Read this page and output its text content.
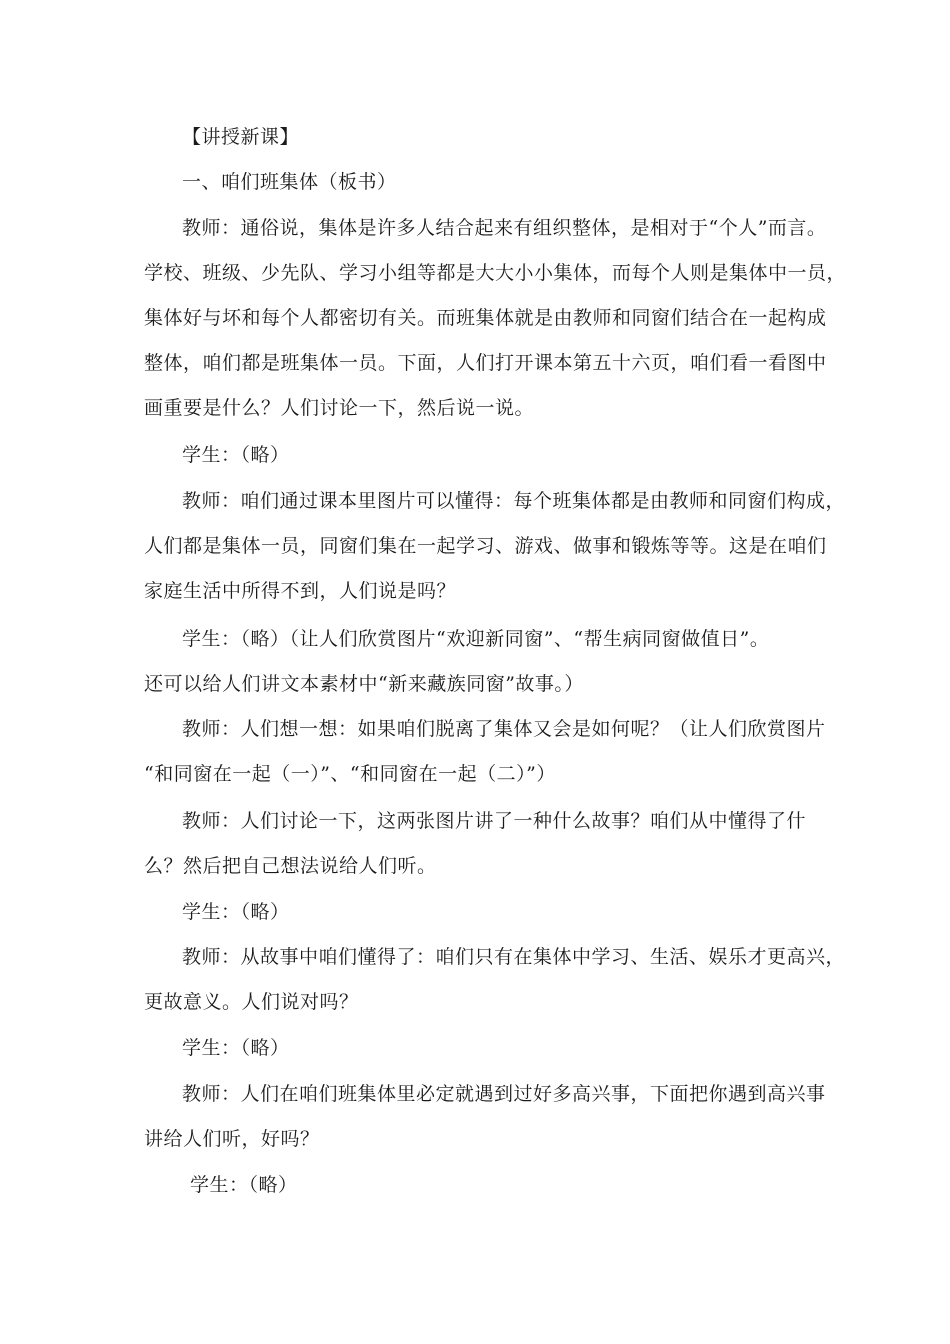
【讲授新课】

一、咱们班集体（板书）

教师：通俗说，集体是许多人结合起来有组织整体，是相对于“个人”而言。
学校、班级、少先队、学习小组等都是大大小小集体，而每个人则是集体中一员，
集体好与坏和每个人都密切有关。而班集体就是由教师和同窗们结合在一起构成
整体，咱们都是班集体一员。下面，人们打开课本第五十六页，咱们看一看图中
画重要是什么？人们讨论一下，然后说一说。

学生：（略）

教师：咱们通过课本里图片可以懂得：每个班集体都是由教师和同窗们构成，
人们都是集体一员，同窗们集在一起学习、游戏、做事和锻炼等等。这是在咱们
家庭生活中所得不到，人们说是吗？

学生：（略）（让人们欣赏图片“欢迎新同窗”、“帮生病同窗做值日”。
还可以给人们讲文本素材中“新来藏族同窗”故事。）

教师：人们想一想：如果咱们脱离了集体又会是如何呢？（让人们欣赏图片
“和同窗在一起（一）”、“和同窗在一起（二）”）

教师：人们讨论一下，这两张图片讲了一种什么故事？咱们从中懂得了什
么？然后把自己想法说给人们听。

学生：（略）

教师：从故事中咱们懂得了：咱们只有在集体中学习、生活、娱乐才更高兴，
更故意义。人们说对吗？

学生：（略）

教师：人们在咱们班集体里必定就遇到过好多高兴事，下面把你遇到高兴事
讲给人们听，好吗？

学生：（略）
